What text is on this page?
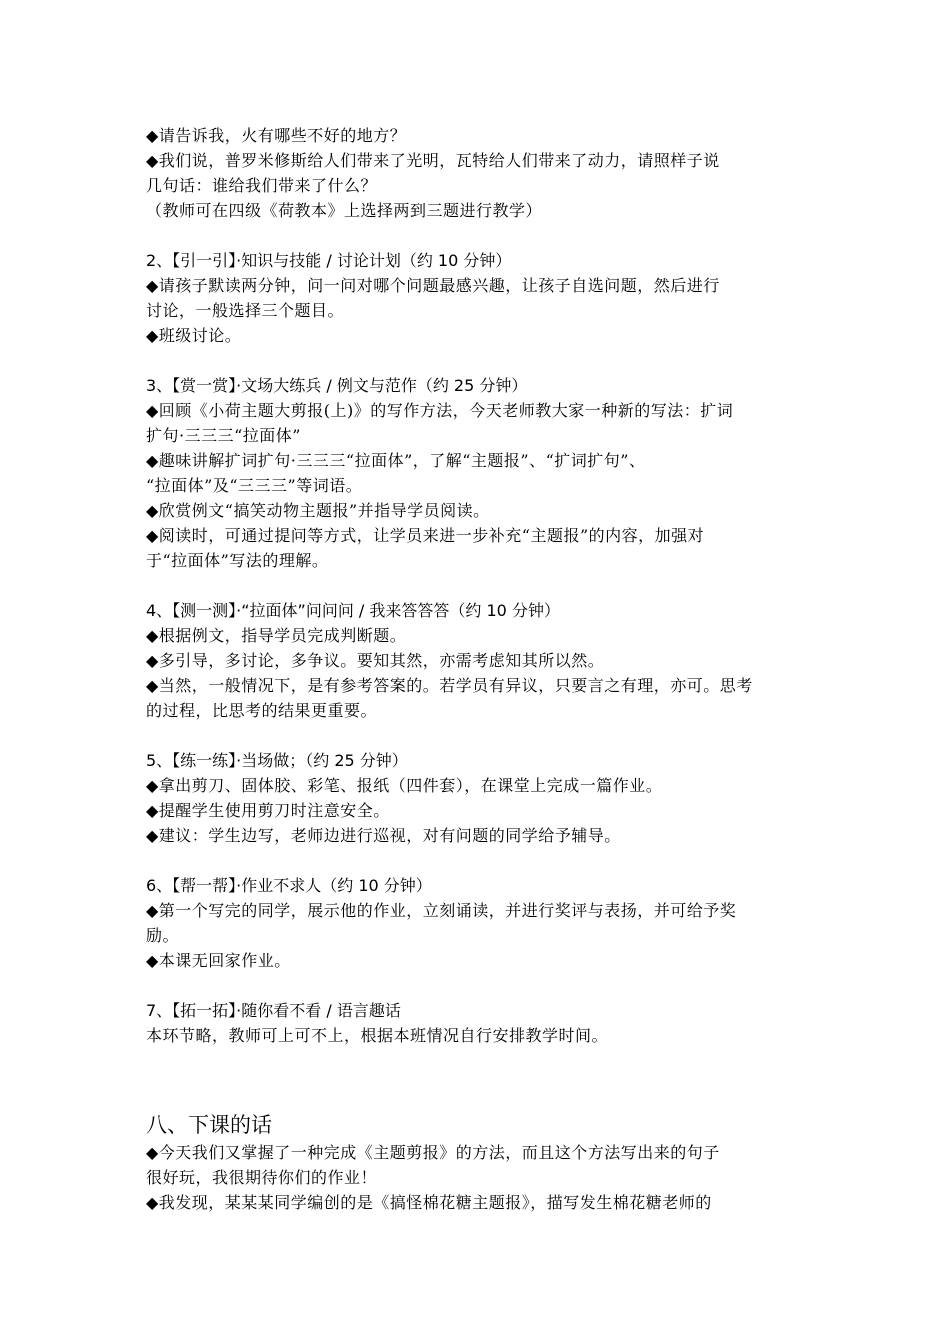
◆请告诉我，火有哪些不好的地方？
◆我们说，普罗米修斯给人们带来了光明，瓦特给人们带来了动力，请照样子说
几句话：谁给我们带来了什么？
（教师可在四级《荷教本》上选择两到三题进行教学）
2、【引一引】·知识与技能 / 讨论计划（约 10 分钟）
◆请孩子默读两分钟，问一问对哪个问题最感兴趣，让孩子自选问题，然后进行
讨论，一般选择三个题目。
◆班级讨论。
3、【赏一赏】·文场大练兵 / 例文与范作（约 25 分钟）
◆回顾《小荷主题大剪报(上)》的写作方法，今天老师教大家一种新的写法：扩词
扩句·三三三“拉面体”
◆趣味讲解扩词扩句·三三三“拉面体”，了解“主题报”、“扩词扩句”、
“拉面体”及“三三三”等词语。
◆欣赏例文“搞笑动物主题报”并指导学员阅读。
◆阅读时，可通过提问等方式，让学员来进一步补充“主题报”的内容，加强对
于“拉面体”写法的理解。
4、【测一测】·“拉面体”问问问 / 我来答答答（约 10 分钟）
◆根据例文，指导学员完成判断题。
◆多引导，多讨论，多争议。要知其然，亦需考虑知其所以然。
◆当然，一般情况下，是有参考答案的。若学员有异议，只要言之有理，亦可。思考
的过程，比思考的结果更重要。
5、【练一练】·当场做；（约 25 分钟）
◆拿出剪刀、固体胶、彩笔、报纸（四件套），在课堂上完成一篇作业。
◆提醒学生使用剪刀时注意安全。
◆建议：学生边写，老师边进行巡视，对有问题的同学给予辅导。
6、【帮一帮】·作业不求人（约 10 分钟）
◆第一个写完的同学，展示他的作业，立刻诵读，并进行奖评与表扬，并可给予奖
励。
◆本课无回家作业。
7、【拓一拓】·随你看不看 / 语言趣话
本环节略，教师可上可不上，根据本班情况自行安排教学时间。
八、下课的话
◆今天我们又掌握了一种完成《主题剪报》的方法，而且这个方法写出来的句子
很好玩，我很期待你们的作业！
◆我发现，某某某同学编创的是《搞怪棉花糖主题报》，描写发生棉花糖老师的
